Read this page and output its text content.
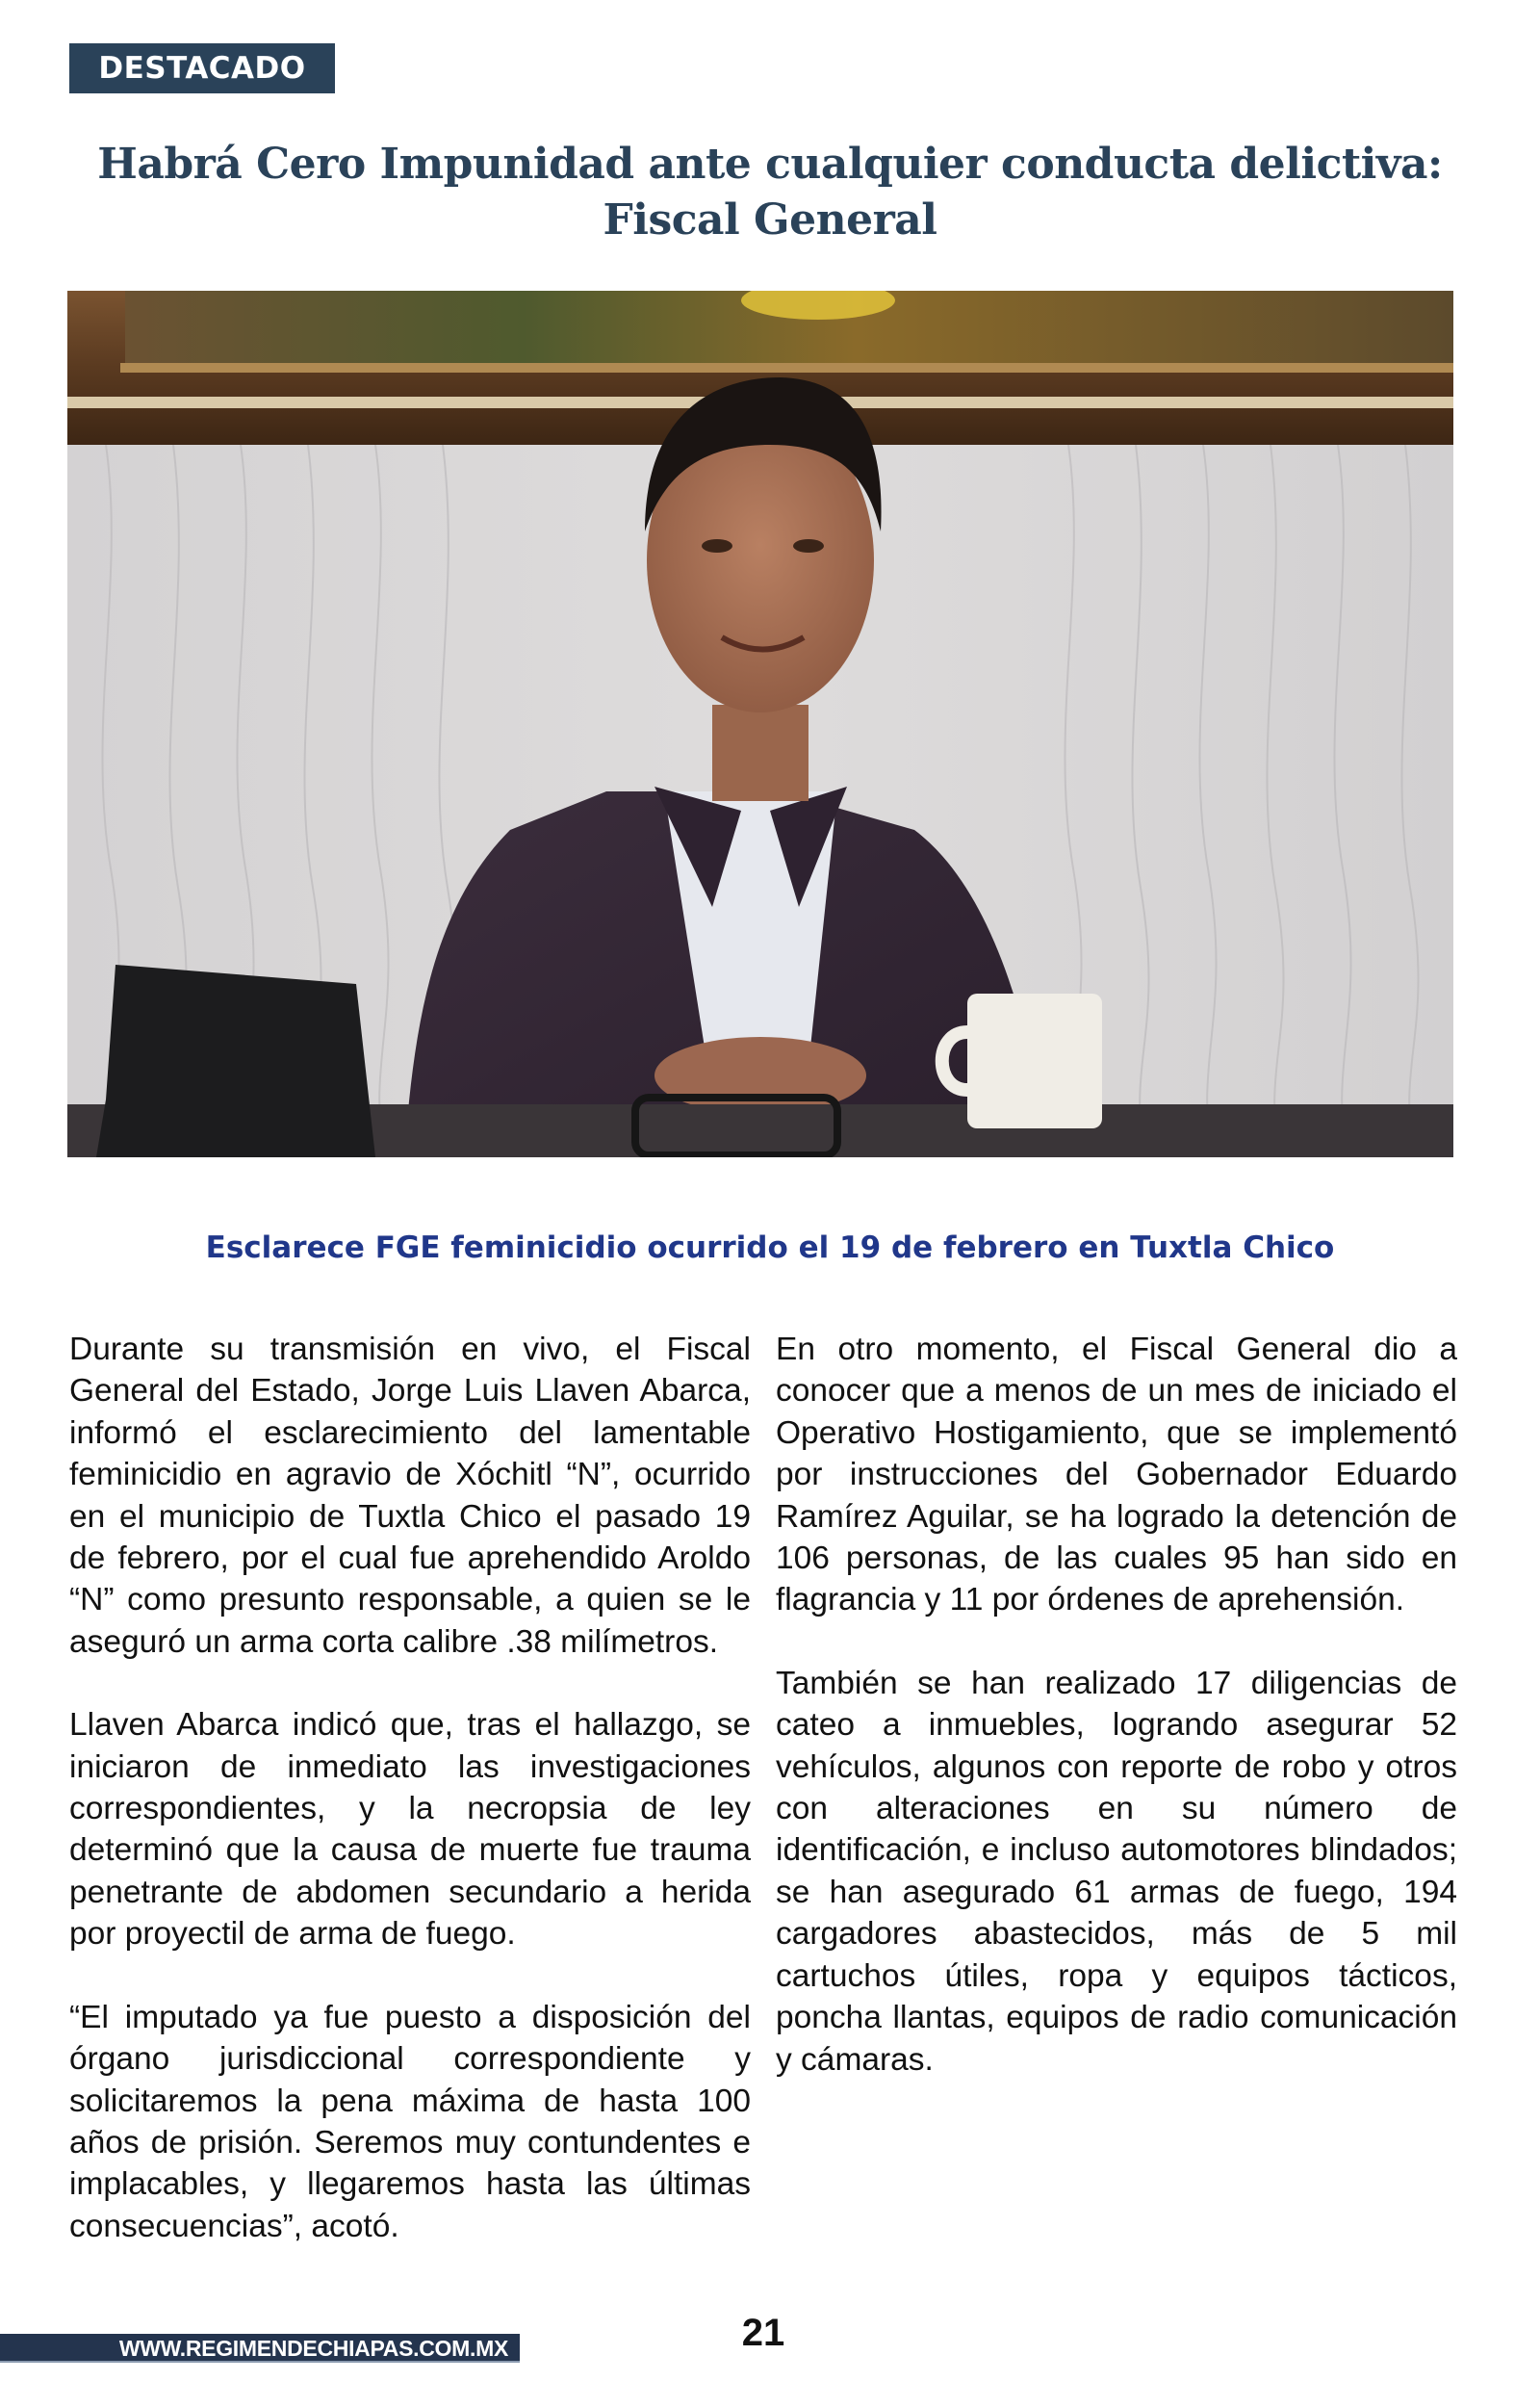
DESTACADO
Habrá Cero Impunidad ante cualquier conducta delictiva:
Fiscal General
Esclarece FGE feminicidio ocurrido el 19 de febrero en Tuxtla Chico

Durante su transmisión en vivo, el Fiscal General del Estado, Jorge Luis Llaven Abarca, informó el esclarecimiento del lamentable feminicidio en agravio de Xóchitl “N”, ocurrido en el municipio de Tuxtla Chico el pasado 19 de febrero, por el cual fue aprehendido Aroldo “N” como presunto responsable, a quien se le aseguró un arma corta calibre .38 milímetros.

Llaven Abarca indicó que, tras el hallazgo, se iniciaron de inmediato las investigaciones correspondientes, y la necropsia de ley determinó que la causa de muerte fue trauma penetrante de abdomen secundario a herida por proyectil de arma de fuego.

“El imputado ya fue puesto a disposición del órgano jurisdiccional correspondiente y solicitaremos la pena máxima de hasta 100 años de prisión. Seremos muy contundentes e implacables, y llegaremos hasta las últimas consecuencias”, acotó.

En otro momento, el Fiscal General dio a conocer que a menos de un mes de iniciado el Operativo Hostigamiento, que se implementó por instrucciones del Gobernador Eduardo Ramírez Aguilar, se ha logrado la detención de 106 personas, de las cuales 95 han sido en flagrancia y 11 por órdenes de aprehensión.

También se han realizado 17 diligencias de cateo a inmuebles, logrando asegurar 52 vehículos, algunos con reporte de robo y otros con alteraciones en su número de identificación, e incluso automotores blindados; se han asegurado 61 armas de fuego, 194 cargadores abastecidos, más de 5 mil cartuchos útiles, ropa y equipos tácticos, poncha llantas, equipos de radio comunicación y cámaras.

21
WWW.REGIMENDECHIAPAS.COM.MX
